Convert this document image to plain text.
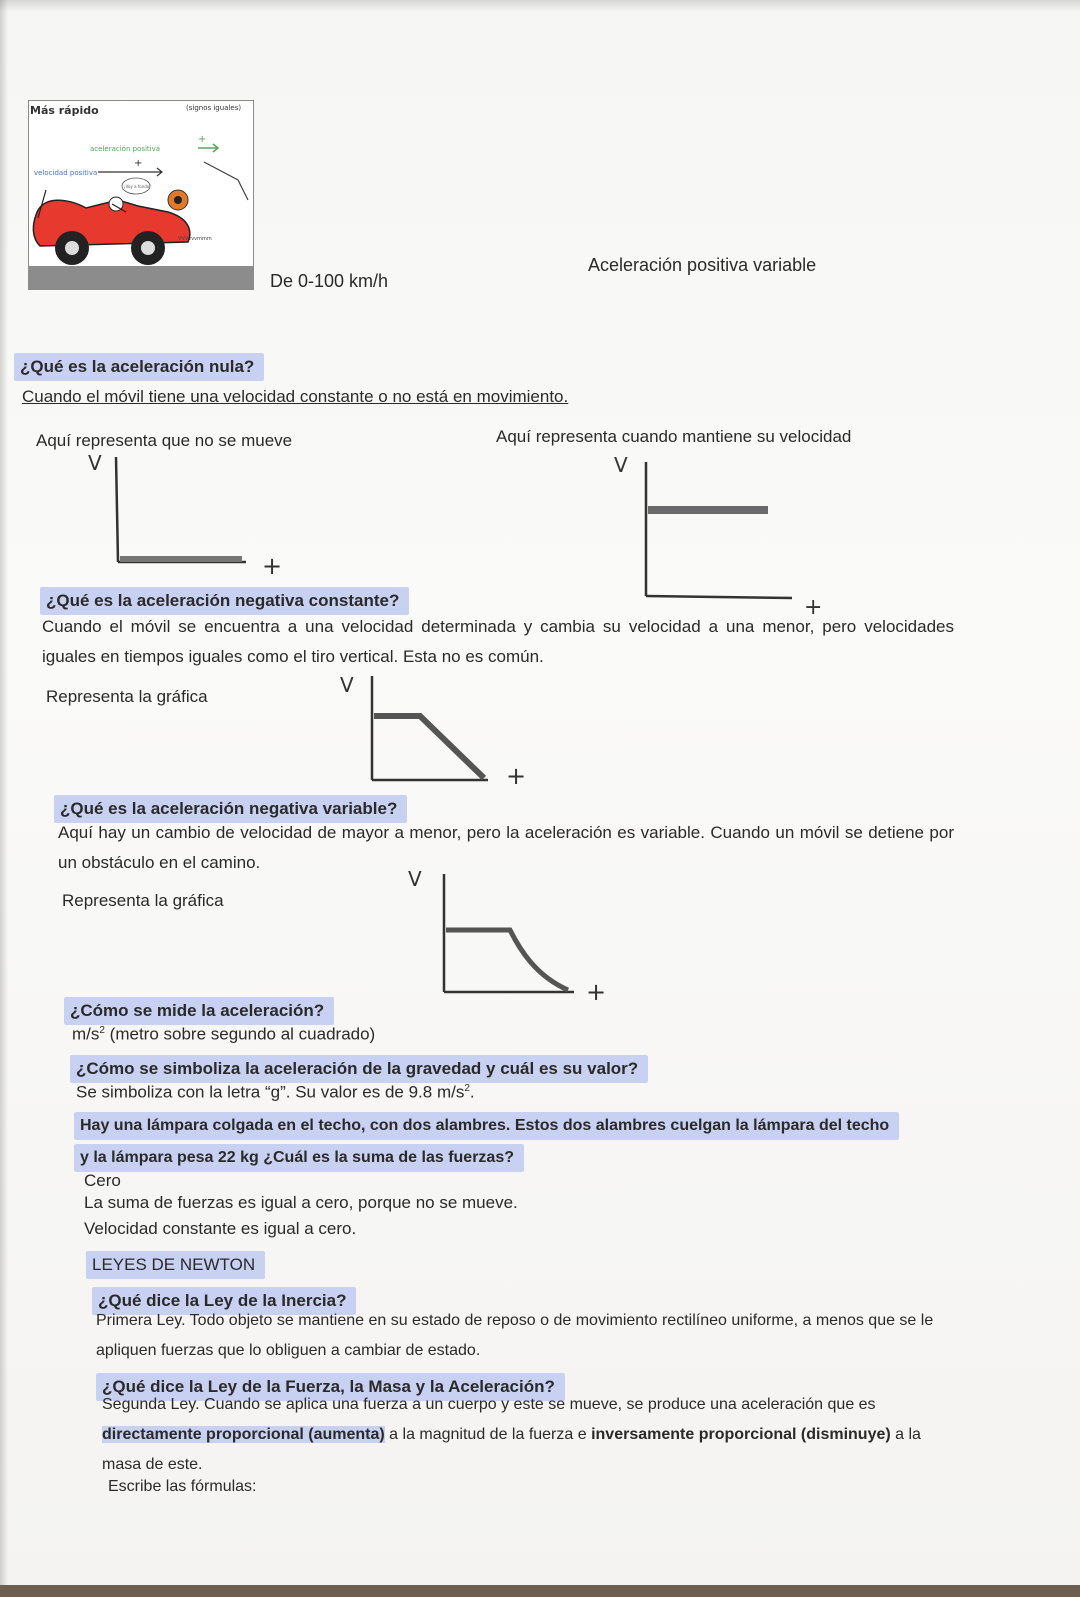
Más rápido	(signos iguales)
aceleración positiva
+
velocidad positiva
+
¡Voy a fondo!
VVVvvvmmm
De 0-100 km/h
Aceleración positiva variable
¿Qué es la aceleración nula?
Cuando el móvil tiene una velocidad constante o no está en movimiento.
Aquí representa que no se mueve	Aquí representa cuando mantiene su velocidad
V
+
V
+
¿Qué es la aceleración negativa constante?
Cuando el móvil se encuentra a una velocidad determinada y cambia su velocidad a una menor, pero velocidades iguales en tiempos iguales como el tiro vertical. Esta no es común.
Representa la gráfica	V
+
¿Qué es la aceleración negativa variable?
Aquí hay un cambio de velocidad de mayor a menor, pero la aceleración es variable. Cuando un móvil se detiene por un obstáculo en el camino.
Representa la gráfica
V
+
¿Cómo se mide la aceleración?
$m/s^2$ (metro sobre segundo al cuadrado)
¿Cómo se simboliza la aceleración de la gravedad y cuál es su valor?
Se simboliza con la letra “g”. Su valor es de 9.8 $m/s^2$.
Hay una lámpara colgada en el techo, con dos alambres. Estos dos alambres cuelgan la lámpara del techo
y la lámpara pesa 22 kg ¿Cuál es la suma de las fuerzas?
Cero
La suma de fuerzas es igual a cero, porque no se mueve.
Velocidad constante es igual a cero.
LEYES DE NEWTON
¿Qué dice la Ley de la Inercia?
Primera Ley. Todo objeto se mantiene en su estado de reposo o de movimiento rectilíneo uniforme, a menos que se le apliquen fuerzas que lo obliguen a cambiar de estado.
¿Qué dice la Ley de la Fuerza, la Masa y la Aceleración?
Segunda Ley. Cuando se aplica una fuerza a un cuerpo y este se mueve, se produce una aceleración que es directamente proporcional (aumenta) a la magnitud de la fuerza e inversamente proporcional (disminuye) a la masa de este.
Escribe las fórmulas:
